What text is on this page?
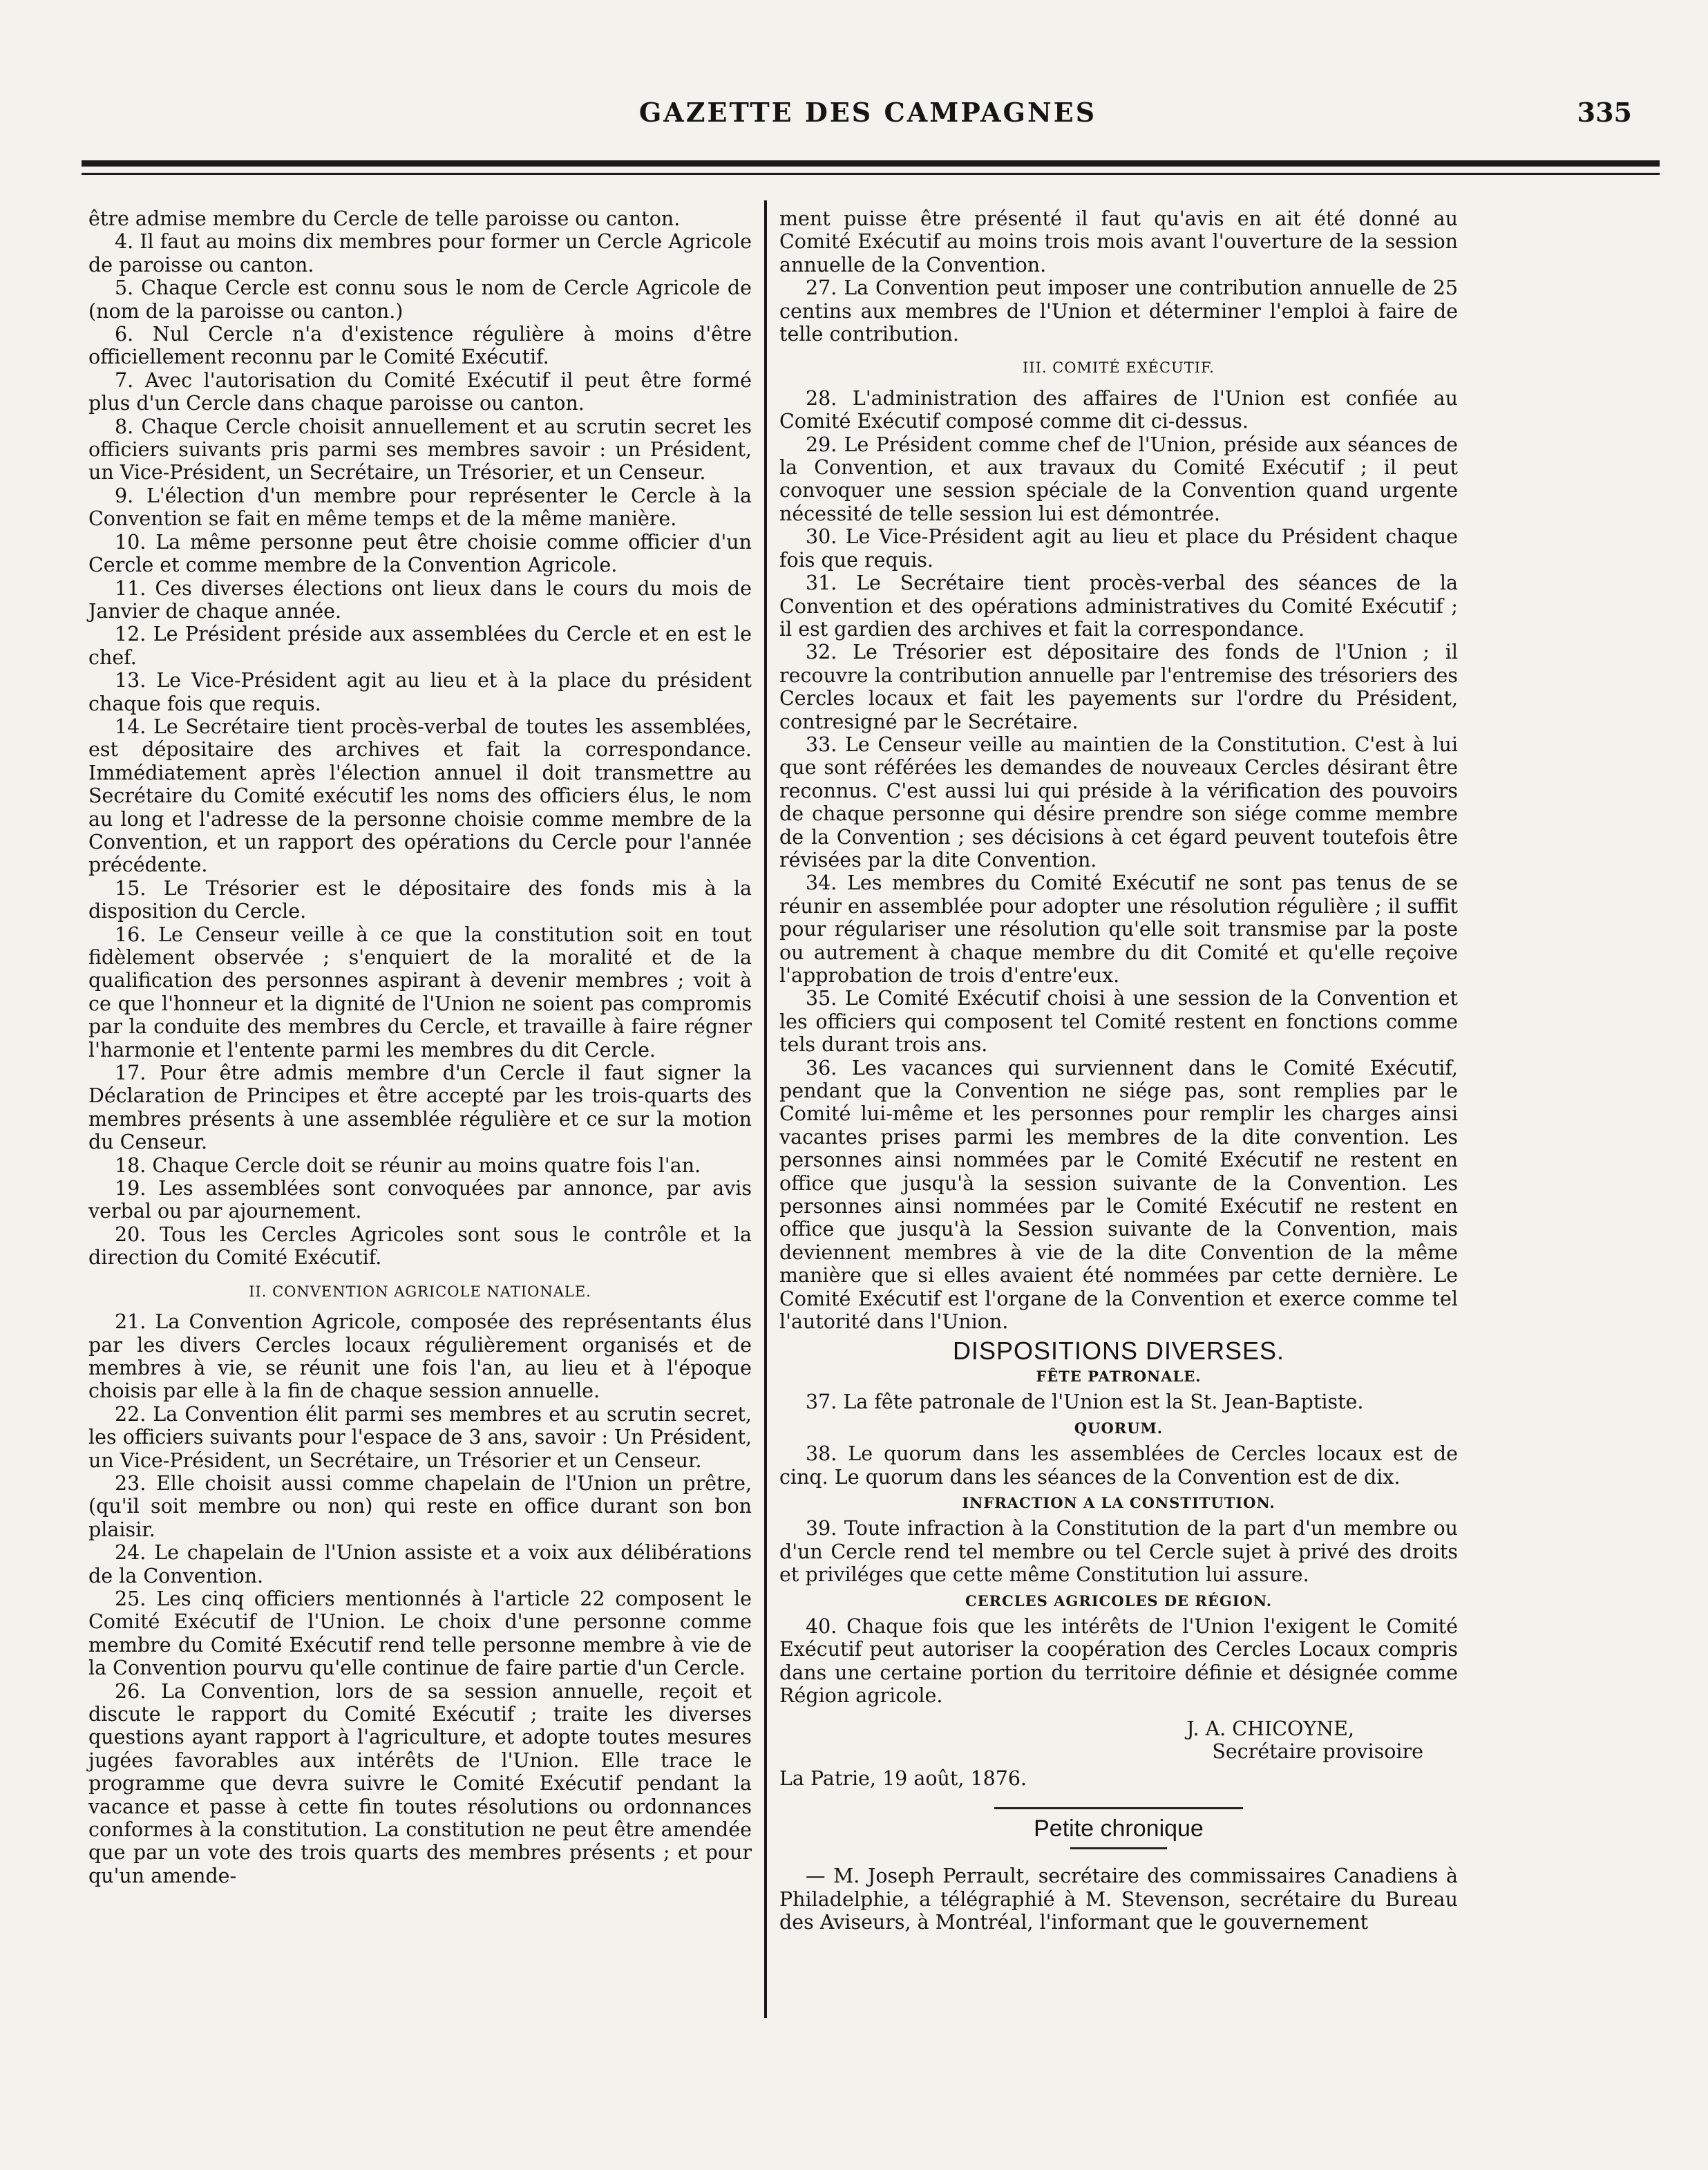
GAZETTE DES CAMPAGNES	335

être admise membre du Cercle de telle paroisse ou canton.

4. Il faut au moins dix membres pour former un Cercle Agricole de paroisse ou canton.

5. Chaque Cercle est connu sous le nom de Cercle Agricole de (nom de la paroisse ou canton.)

6. Nul Cercle n'a d'existence régulière à moins d'être officiellement reconnu par le Comité Exécutif.

7. Avec l'autorisation du Comité Exécutif il peut être formé plus d'un Cercle dans chaque paroisse ou canton.

8. Chaque Cercle choisit annuellement et au scrutin secret les officiers suivants pris parmi ses membres savoir : un Président, un Vice-Président, un Secrétaire, un Trésorier, et un Censeur.

9. L'élection d'un membre pour représenter le Cercle à la Convention se fait en même temps et de la même manière.

10. La même personne peut être choisie comme officier d'un Cercle et comme membre de la Convention Agricole.

11. Ces diverses élections ont lieux dans le cours du mois de Janvier de chaque année.

12. Le Président préside aux assemblées du Cercle et en est le chef.

13. Le Vice-Président agit au lieu et à la place du président chaque fois que requis.

14. Le Secrétaire tient procès-verbal de toutes les assemblées, est dépositaire des archives et fait la correspondance. Immédiatement après l'élection annuel il doit transmettre au Secrétaire du Comité exécutif les noms des officiers élus, le nom au long et l'adresse de la personne choisie comme membre de la Convention, et un rapport des opérations du Cercle pour l'année précédente.

15. Le Trésorier est le dépositaire des fonds mis à la disposition du Cercle.

16. Le Censeur veille à ce que la constitution soit en tout fidèlement observée ; s'enquiert de la moralité et de la qualification des personnes aspirant à devenir membres ; voit à ce que l'honneur et la dignité de l'Union ne soient pas compromis par la conduite des membres du Cercle, et travaille à faire régner l'harmonie et l'entente parmi les membres du dit Cercle.

17. Pour être admis membre d'un Cercle il faut signer la Déclaration de Principes et être accepté par les trois-quarts des membres présents à une assemblée régulière et ce sur la motion du Censeur.

18. Chaque Cercle doit se réunir au moins quatre fois l'an.

19. Les assemblées sont convoquées par annonce, par avis verbal ou par ajournement.

20. Tous les Cercles Agricoles sont sous le contrôle et la direction du Comité Exécutif.

II. CONVENTION AGRICOLE NATIONALE.

21. La Convention Agricole, composée des représentants élus par les divers Cercles locaux régulièrement organisés et de membres à vie, se réunit une fois l'an, au lieu et à l'époque choisis par elle à la fin de chaque session annuelle.

22. La Convention élit parmi ses membres et au scrutin secret, les officiers suivants pour l'espace de 3 ans, savoir : Un Président, un Vice-Président, un Secrétaire, un Trésorier et un Censeur.

23. Elle choisit aussi comme chapelain de l'Union un prêtre, (qu'il soit membre ou non) qui reste en office durant son bon plaisir.

24. Le chapelain de l'Union assiste et a voix aux délibérations de la Convention.

25. Les cinq officiers mentionnés à l'article 22 composent le Comité Exécutif de l'Union. Le choix d'une personne comme membre du Comité Exécutif rend telle personne membre à vie de la Convention pourvu qu'elle continue de faire partie d'un Cercle.

26. La Convention, lors de sa session annuelle, reçoit et discute le rapport du Comité Exécutif ; traite les diverses questions ayant rapport à l'agriculture, et adopte toutes mesures jugées favorables aux intérêts de l'Union. Elle trace le programme que devra suivre le Comité Exécutif pendant la vacance et passe à cette fin toutes résolutions ou ordonnances conformes à la constitution. La constitution ne peut être amendée que par un vote des trois quarts des membres présents ; et pour qu'un amende-

ment puisse être présenté il faut qu'avis en ait été donné au Comité Exécutif au moins trois mois avant l'ouverture de la session annuelle de la Convention.

27. La Convention peut imposer une contribution annuelle de 25 centins aux membres de l'Union et déterminer l'emploi à faire de telle contribution.

III. COMITÉ EXÉCUTIF.

28. L'administration des affaires de l'Union est confiée au Comité Exécutif composé comme dit ci-dessus.

29. Le Président comme chef de l'Union, préside aux séances de la Convention, et aux travaux du Comité Exécutif ; il peut convoquer une session spéciale de la Convention quand urgente nécessité de telle session lui est démontrée.

30. Le Vice-Président agit au lieu et place du Président chaque fois que requis.

31. Le Secrétaire tient procès-verbal des séances de la Convention et des opérations administratives du Comité Exécutif ; il est gardien des archives et fait la correspondance.

32. Le Trésorier est dépositaire des fonds de l'Union ; il recouvre la contribution annuelle par l'entremise des trésoriers des Cercles locaux et fait les payements sur l'ordre du Président, contresigné par le Secrétaire.

33. Le Censeur veille au maintien de la Constitution. C'est à lui que sont référées les demandes de nouveaux Cercles désirant être reconnus. C'est aussi lui qui préside à la vérification des pouvoirs de chaque personne qui désire prendre son siége comme membre de la Convention ; ses décisions à cet égard peuvent toutefois être révisées par la dite Convention.

34. Les membres du Comité Exécutif ne sont pas tenus de se réunir en assemblée pour adopter une résolution régulière ; il suffit pour régulariser une résolution qu'elle soit transmise par la poste ou autrement à chaque membre du dit Comité et qu'elle reçoive l'approbation de trois d'entre'eux.

35. Le Comité Exécutif choisi à une session de la Convention et les officiers qui composent tel Comité restent en fonctions comme tels durant trois ans.

36. Les vacances qui surviennent dans le Comité Exécutif, pendant que la Convention ne siége pas, sont remplies par le Comité lui-même et les personnes pour remplir les charges ainsi vacantes prises parmi les membres de la dite convention. Les personnes ainsi nommées par le Comité Exécutif ne restent en office que jusqu'à la session suivante de la Convention. Les personnes ainsi nommées par le Comité Exécutif ne restent en office que jusqu'à la Session suivante de la Convention, mais deviennent membres à vie de la dite Convention de la même manière que si elles avaient été nommées par cette dernière. Le Comité Exécutif est l'organe de la Convention et exerce comme tel l'autorité dans l'Union.

DISPOSITIONS DIVERSES.
FÊTE PATRONALE.

37. La fête patronale de l'Union est la St. Jean-Baptiste.

QUORUM.

38. Le quorum dans les assemblées de Cercles locaux est de cinq. Le quorum dans les séances de la Convention est de dix.

INFRACTION A LA CONSTITUTION.

39. Toute infraction à la Constitution de la part d'un membre ou d'un Cercle rend tel membre ou tel Cercle sujet à privé des droits et priviléges que cette même Constitution lui assure.

CERCLES AGRICOLES DE RÉGION.

40. Chaque fois que les intérêts de l'Union l'exigent le Comité Exécutif peut autoriser la coopération des Cercles Locaux compris dans une certaine portion du territoire définie et désignée comme Région agricole.

J. A. CHICOYNE,
Secrétaire provisoire
La Patrie, 19 août, 1876.
Petite chronique

— M. Joseph Perrault, secrétaire des commissaires Canadiens à Philadelphie, a télégraphié à M. Stevenson, secrétaire du Bureau des Aviseurs, à Montréal, l'informant que le gouvernement
